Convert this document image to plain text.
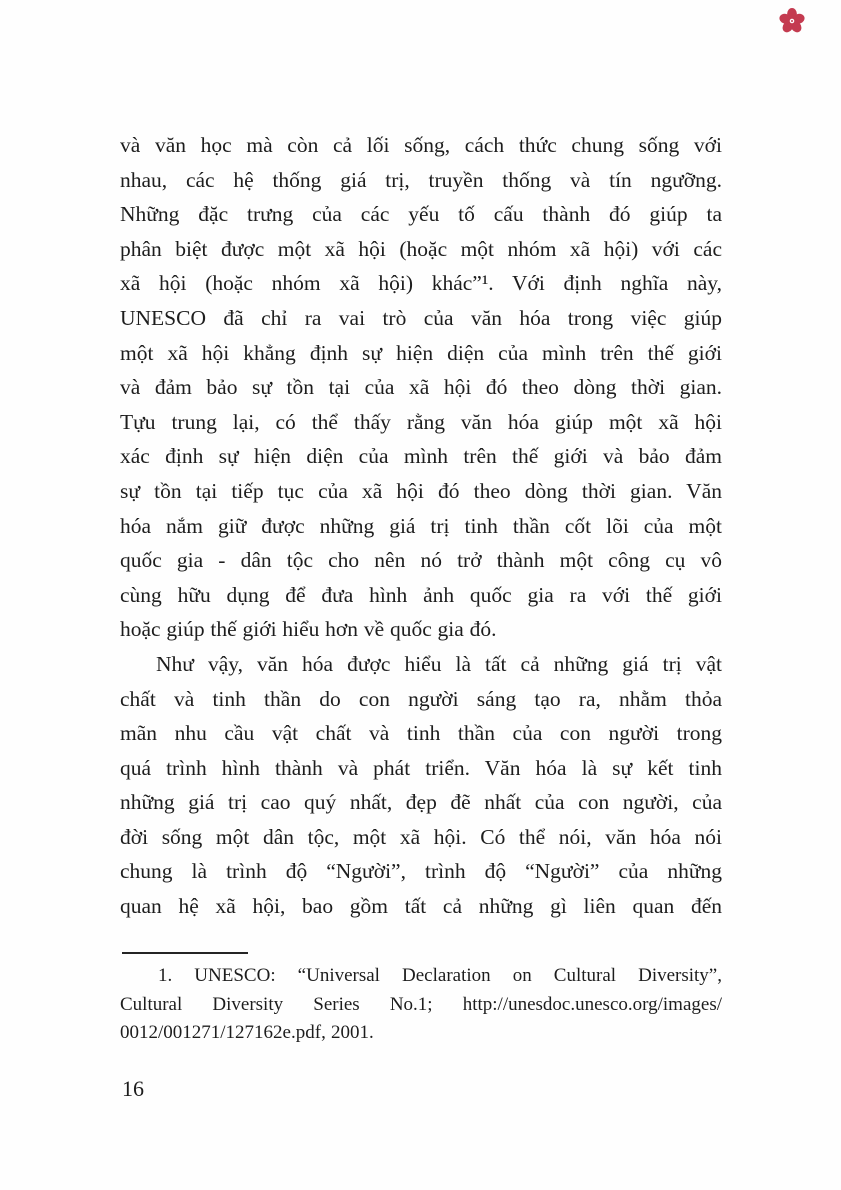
và văn học mà còn cả lối sống, cách thức chung sống với
nhau, các hệ thống giá trị, truyền thống và tín ngưỡng.
Những đặc trưng của các yếu tố cấu thành đó giúp ta
phân biệt được một xã hội (hoặc một nhóm xã hội) với các
xã hội (hoặc nhóm xã hội) khác”¹. Với định nghĩa này,
UNESCO đã chỉ ra vai trò của văn hóa trong việc giúp
một xã hội khẳng định sự hiện diện của mình trên thế giới
và đảm bảo sự tồn tại của xã hội đó theo dòng thời gian.
Tựu trung lại, có thể thấy rằng văn hóa giúp một xã hội
xác định sự hiện diện của mình trên thế giới và bảo đảm
sự tồn tại tiếp tục của xã hội đó theo dòng thời gian. Văn
hóa nắm giữ được những giá trị tinh thần cốt lõi của một
quốc gia - dân tộc cho nên nó trở thành một công cụ vô
cùng hữu dụng để đưa hình ảnh quốc gia ra với thế giới
hoặc giúp thế giới hiểu hơn về quốc gia đó.
Như vậy, văn hóa được hiểu là tất cả những giá trị vật
chất và tinh thần do con người sáng tạo ra, nhằm thỏa
mãn nhu cầu vật chất và tinh thần của con người trong
quá trình hình thành và phát triển. Văn hóa là sự kết tinh
những giá trị cao quý nhất, đẹp đẽ nhất của con người, của
đời sống một dân tộc, một xã hội. Có thể nói, văn hóa nói
chung là trình độ “Người”, trình độ “Người” của những
quan hệ xã hội, bao gồm tất cả những gì liên quan đến
1. UNESCO: “Universal Declaration on Cultural Diversity”,
Cultural Diversity Series No.1; http://unesdoc.unesco.org/images/
0012/001271/127162e.pdf, 2001.
16
